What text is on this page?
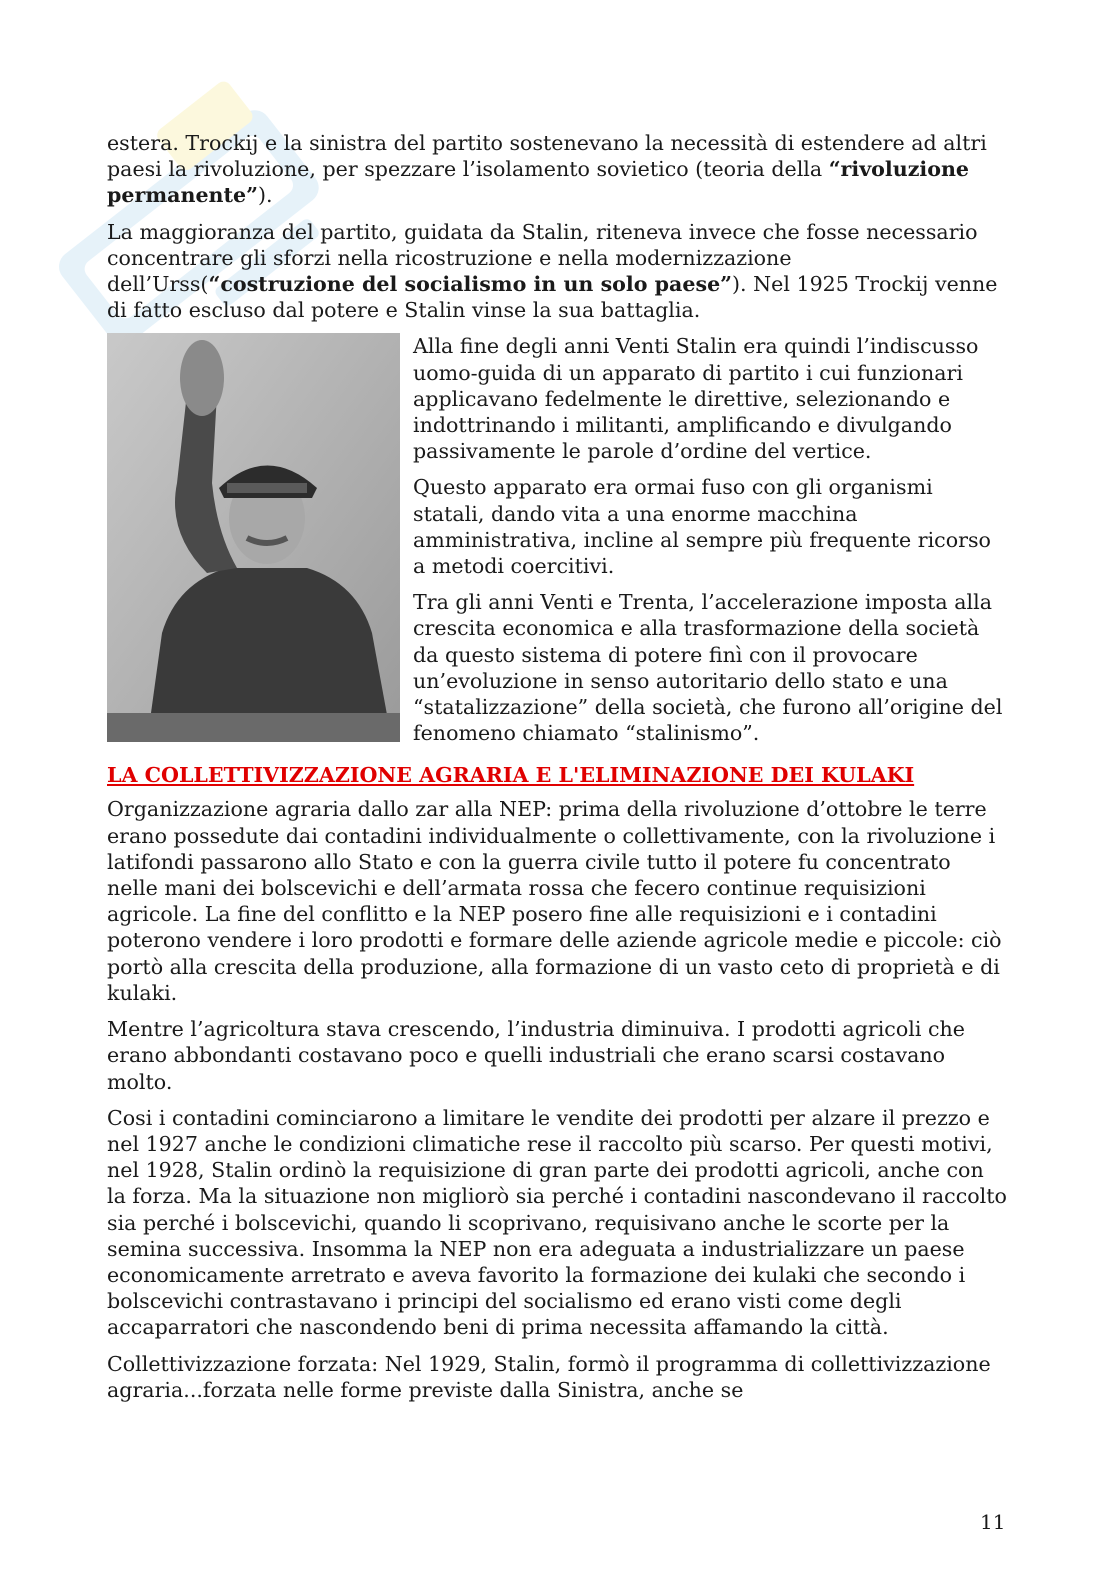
estera. Trockij e la sinistra del partito sostenevano la necessità di estendere ad altri paesi la rivoluzione, per spezzare l’isolamento sovietico (teoria della “rivoluzione permanente”).

La maggioranza del partito, guidata da Stalin, riteneva invece che fosse necessario concentrare gli sforzi nella ricostruzione e nella modernizzazione dell’Urss(“costruzione del socialismo in un solo paese”). Nel 1925 Trockij venne di fatto escluso dal potere e Stalin vinse la sua battaglia.

Alla fine degli anni Venti Stalin era quindi l’indiscusso uomo-guida di un apparato di partito i cui funzionari applicavano fedelmente le direttive, selezionando e indottrinando i militanti, amplificando e divulgando passivamente le parole d’ordine del vertice.

Questo apparato era ormai fuso con gli organismi statali, dando vita a una enorme macchina amministrativa, incline al sempre più frequente ricorso a metodi coercitivi.

Tra gli anni Venti e Trenta, l’accelerazione imposta alla crescita economica e alla trasformazione della società da questo sistema di potere finì con il provocare un’evoluzione in senso autoritario dello stato e una “statalizzazione” della società, che furono all’origine del fenomeno chiamato “stalinismo”.

LA COLLETTIVIZZAZIONE AGRARIA E L'ELIMINAZIONE DEI KULAKI

Organizzazione agraria dallo zar alla NEP: prima della rivoluzione d’ottobre le terre erano possedute dai contadini individualmente o collettivamente, con la rivoluzione i latifondi passarono allo Stato e con la guerra civile tutto il potere fu concentrato nelle mani dei bolscevichi e dell’armata rossa che fecero continue requisizioni agricole. La fine del conflitto e la NEP posero fine alle requisizioni e i contadini poterono vendere i loro prodotti e formare delle aziende agricole medie e piccole: ciò portò alla crescita della produzione, alla formazione di un vasto ceto di proprietà e di kulaki.

Mentre l’agricoltura stava crescendo, l’industria diminuiva. I prodotti agricoli che erano abbondanti costavano poco e quelli industriali che erano scarsi costavano molto.

Cosi i contadini cominciarono a limitare le vendite dei prodotti per alzare il prezzo e nel 1927 anche le condizioni climatiche rese il raccolto più scarso. Per questi motivi, nel 1928, Stalin ordinò la requisizione di gran parte dei prodotti agricoli, anche con la forza. Ma la situazione non migliorò sia perché i contadini nascondevano il raccolto sia perché i bolscevichi, quando li scoprivano, requisivano anche le scorte per la semina successiva. Insomma la NEP non era adeguata a industrializzare un paese economicamente arretrato e aveva favorito la formazione dei kulaki che secondo i bolscevichi contrastavano i principi del socialismo ed erano visti come degli accaparratori che nascondendo beni di prima necessita affamando la città.

Collettivizzazione forzata: Nel 1929, Stalin, formò il programma di collettivizzazione agraria...forzata nelle forme previste dalla Sinistra, anche se

11
